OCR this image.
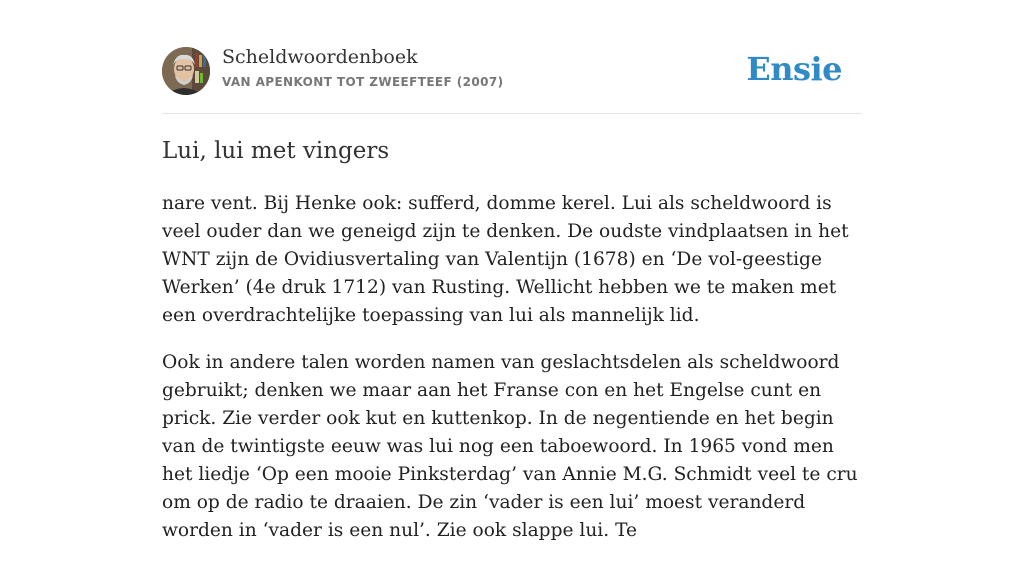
Scheldwoordenboek
VAN APENKONT TOT ZWEEFTEEF (2007)	Ensie
Lui, lui met vingers

nare vent. Bij Henke ook: sufferd, domme kerel. Lui als scheldwoord is veel ouder dan we geneigd zijn te denken. De oudste vindplaatsen in het WNT zijn de Ovidiusvertaling van Valentijn (1678) en ‘De vol-geestige Werken’ (4e druk 1712) van Rusting. Wellicht hebben we te maken met een overdrachtelijke toepassing van lui als mannelijk lid.

Ook in andere talen worden namen van geslachtsdelen als scheldwoord gebruikt; denken we maar aan het Franse con en het Engelse cunt en prick. Zie verder ook kut en kuttenkop. In de negentiende en het begin van de twintigste eeuw was lui nog een taboewoord. In 1965 vond men het liedje ‘Op een mooie Pinksterdag’ van Annie M.G. Schmidt veel te cru om op de radio te draaien. De zin ‘vader is een lui’ moest veranderd worden in ‘vader is een nul’. Zie ook slappe lui. Te
